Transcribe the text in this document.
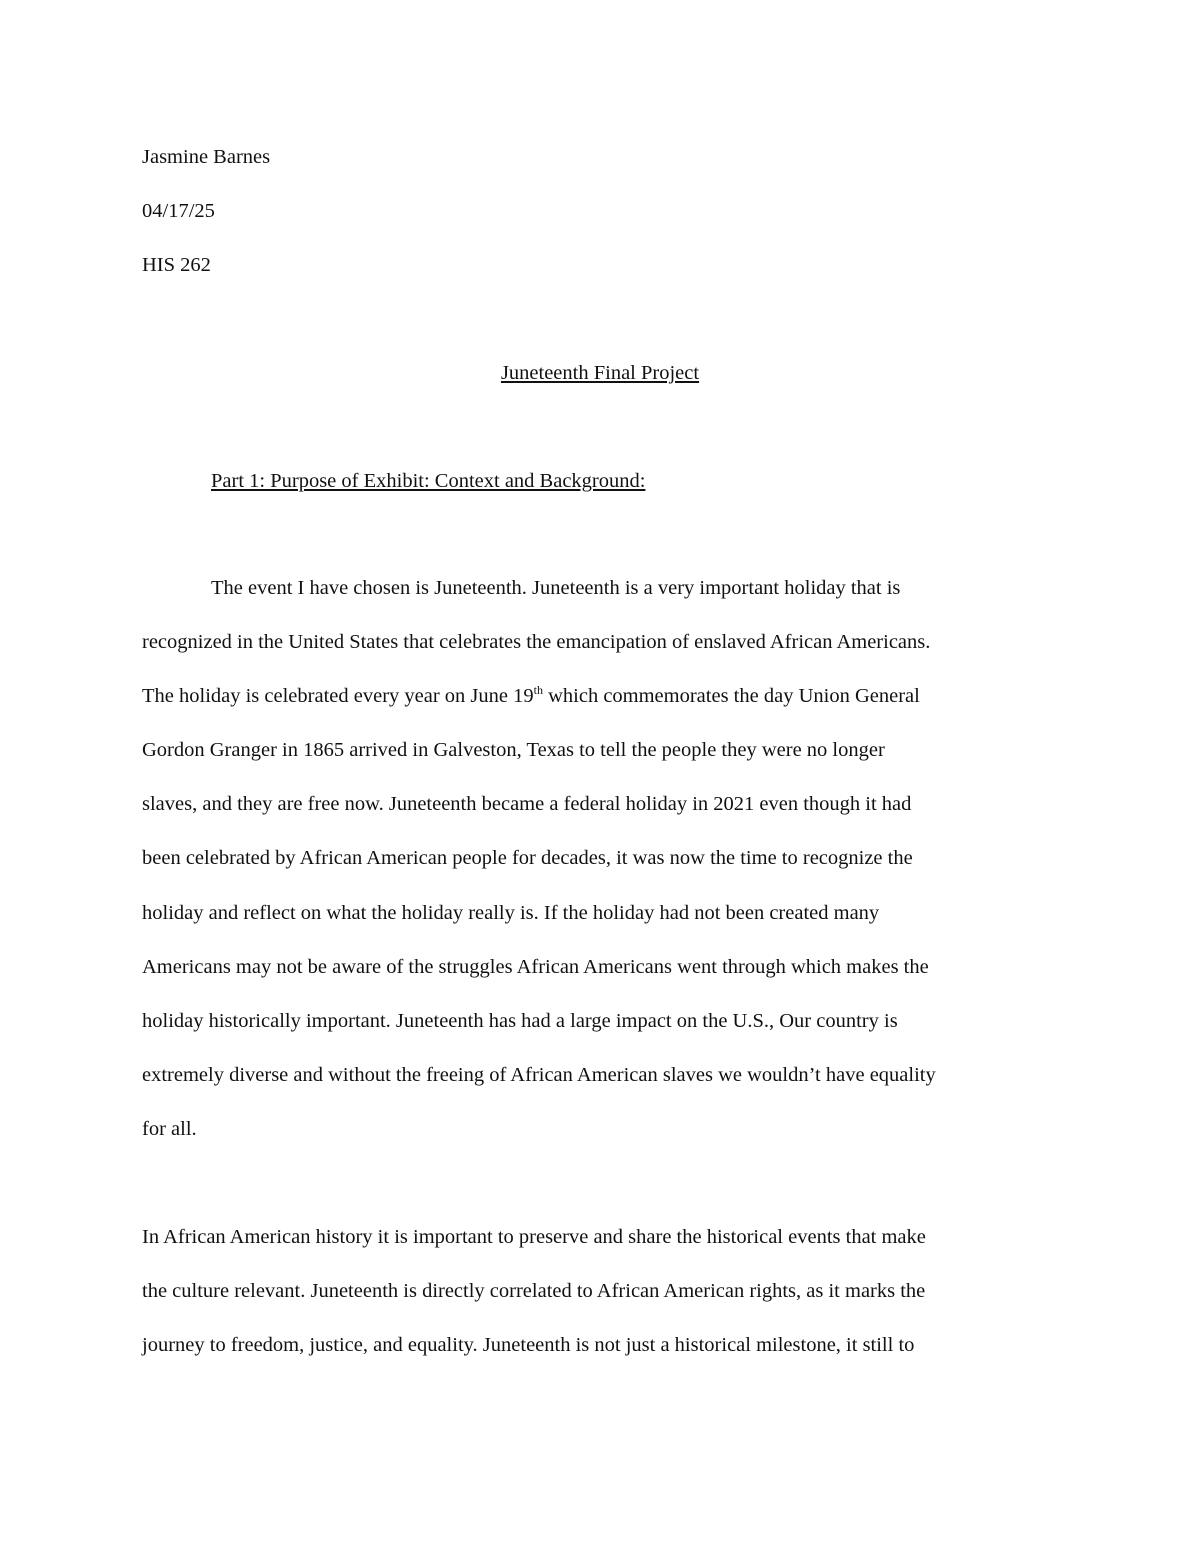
Jasmine Barnes
04/17/25
HIS 262
Juneteenth Final Project
Part 1: Purpose of Exhibit: Context and Background:
The event I have chosen is Juneteenth. Juneteenth is a very important holiday that is
recognized in the United States that celebrates the emancipation of enslaved African Americans.
The holiday is celebrated every year on June 19th which commemorates the day Union General
Gordon Granger in 1865 arrived in Galveston, Texas to tell the people they were no longer
slaves, and they are free now. Juneteenth became a federal holiday in 2021 even though it had
been celebrated by African American people for decades, it was now the time to recognize the
holiday and reflect on what the holiday really is. If the holiday had not been created many
Americans may not be aware of the struggles African Americans went through which makes the
holiday historically important. Juneteenth has had a large impact on the U.S., Our country is
extremely diverse and without the freeing of African American slaves we wouldn’t have equality
for all.
In African American history it is important to preserve and share the historical events that make
the culture relevant. Juneteenth is directly correlated to African American rights, as it marks the
journey to freedom, justice, and equality. Juneteenth is not just a historical milestone, it still to
